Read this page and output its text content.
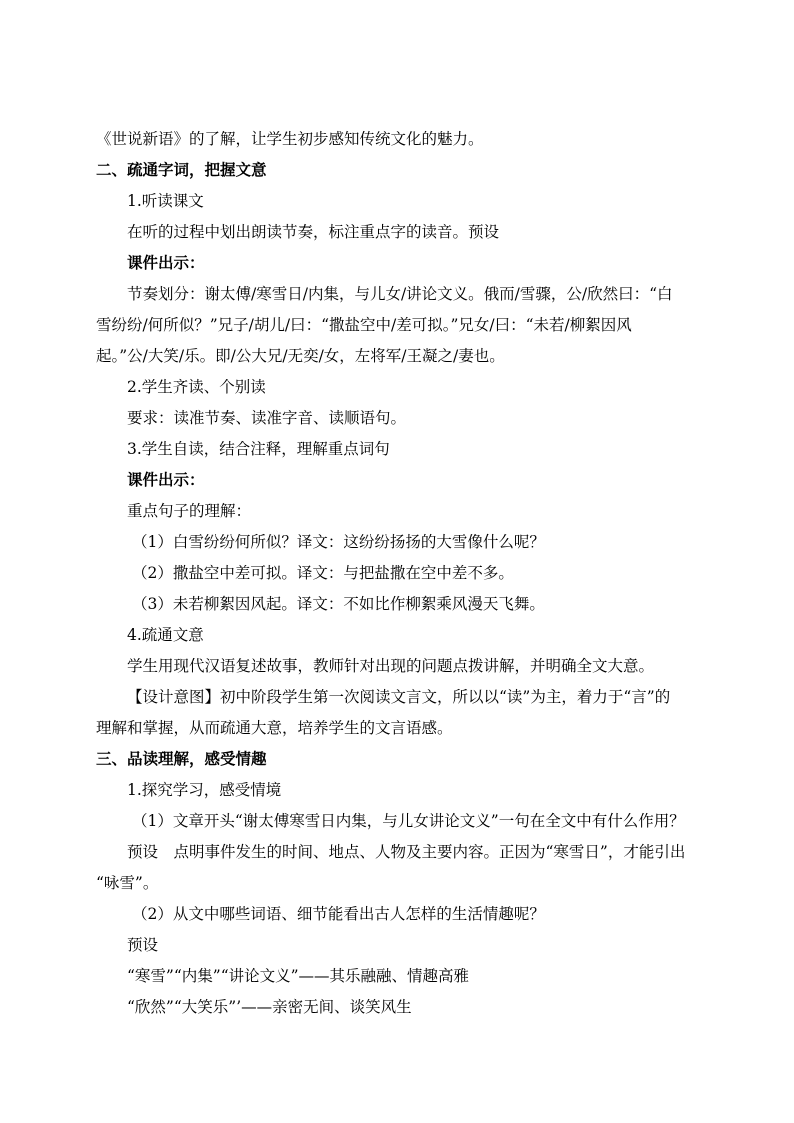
《世说新语》的了解，让学生初步感知传统文化的魅力。
二、疏通字词，把握文意
1.听读课文
在听的过程中划出朗读节奏，标注重点字的读音。预设
课件出示：
节奏划分：谢太傅/寒雪日/内集，与儿女/讲论文义。俄而/雪骤，公/欣然曰：“白
雪纷纷/何所似？”兄子/胡儿/曰：“撒盐空中/差可拟。”兄女/曰：“未若/柳絮因风
起。”公/大笑/乐。即/公大兄/无奕/女，左将军/王凝之/妻也。
2.学生齐读、个别读
要求：读准节奏、读准字音、读顺语句。
3.学生自读，结合注释，理解重点词句
课件出示：
重点句子的理解：
（1）白雪纷纷何所似？译文：这纷纷扬扬的大雪像什么呢？
（2）撒盐空中差可拟。译文：与把盐撒在空中差不多。
（3）未若柳絮因风起。译文：不如比作柳絮乘风漫天飞舞。
4.疏通文意
学生用现代汉语复述故事，教师针对出现的问题点拨讲解，并明确全文大意。
【设计意图】初中阶段学生第一次阅读文言文，所以以“读”为主，着力于“言”的
理解和掌握，从而疏通大意，培养学生的文言语感。
三、品读理解，感受情趣
1.探究学习，感受情境
（1）文章开头“谢太傅寒雪日内集，与儿女讲论文义”一句在全文中有什么作用？
预设　点明事件发生的时间、地点、人物及主要内容。正因为“寒雪日”，才能引出
“咏雪”。
（2）从文中哪些词语、细节能看出古人怎样的生活情趣呢？
预设
“寒雪”“内集”“讲论文义”——其乐融融、情趣高雅
“欣然”“大笑乐”’——亲密无间、谈笑风生
